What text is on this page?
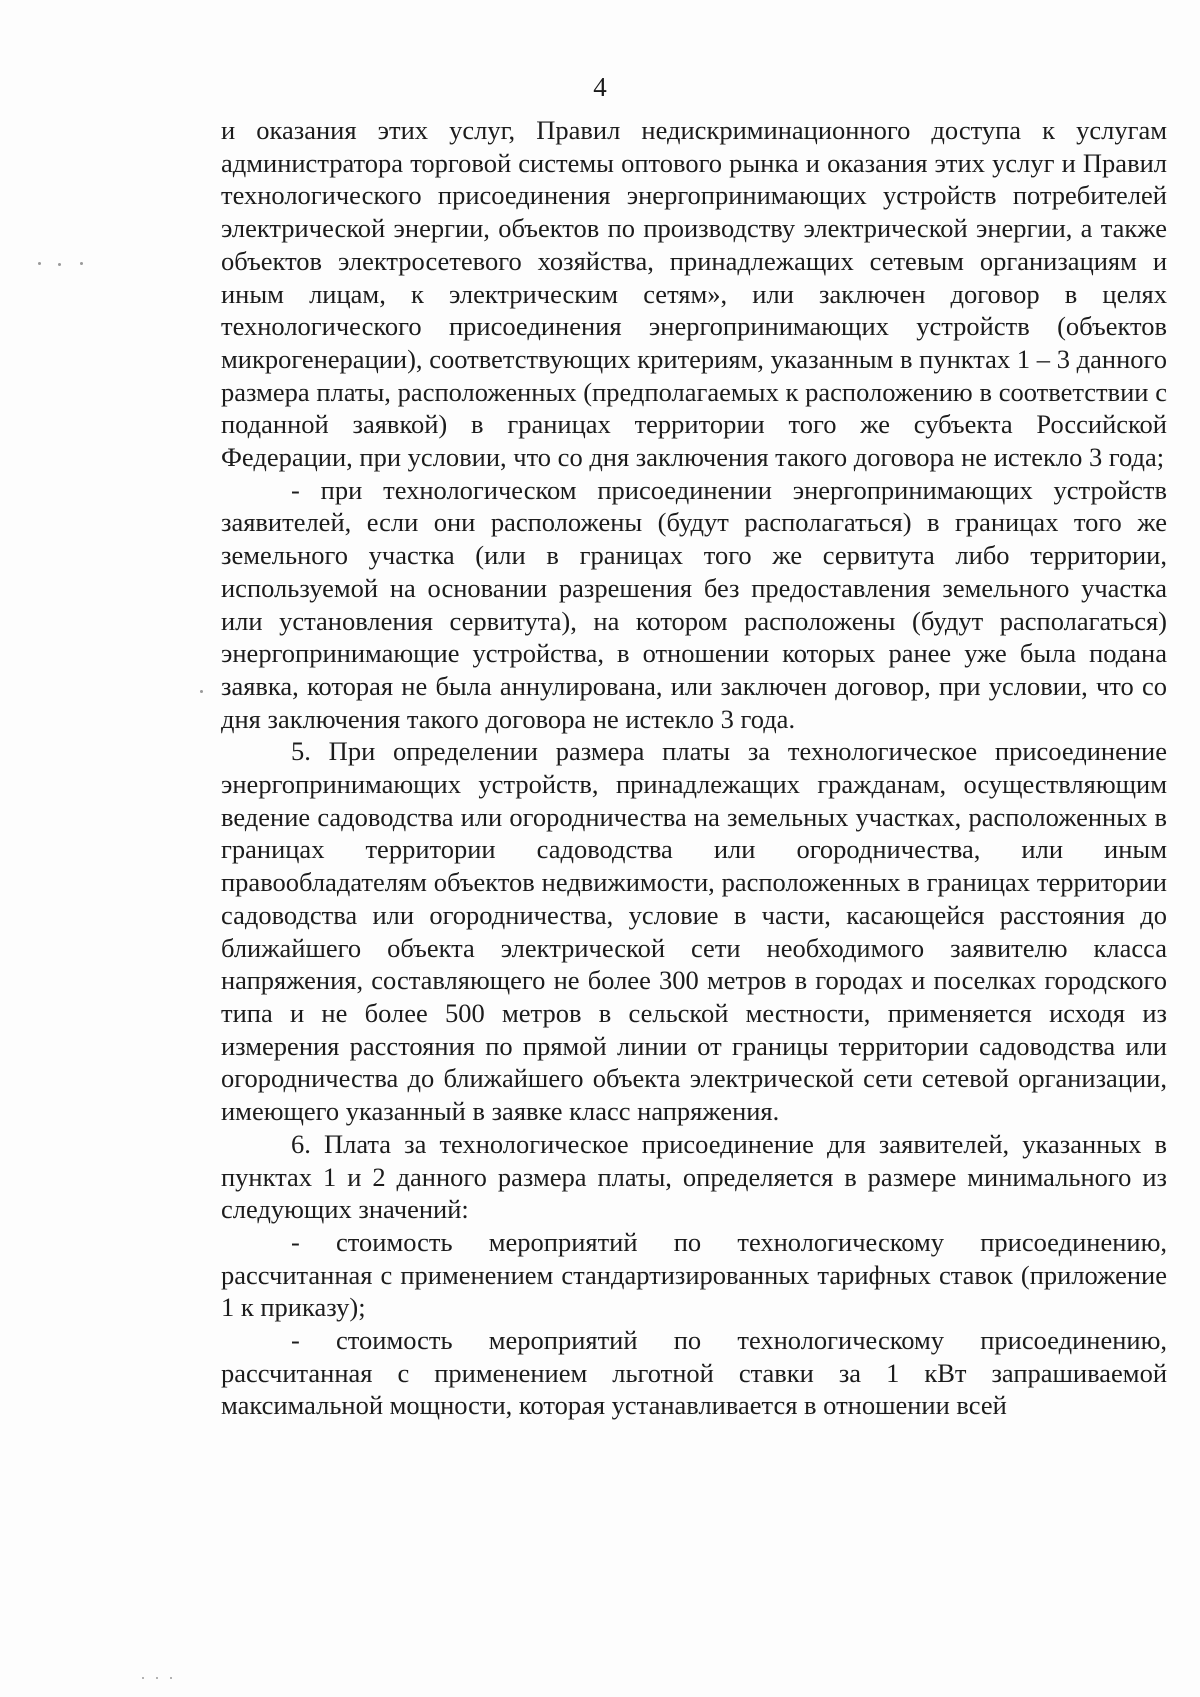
4

и оказания этих услуг, Правил недискриминационного доступа к услугам администратора торговой системы оптового рынка и оказания этих услуг и Правил технологического присоединения энергопринимающих устройств потребителей электрической энергии, объектов по производству электрической энергии, а также объектов электросетевого хозяйства, принадлежащих сетевым организациям и иным лицам, к электрическим сетям», или заключен договор в целях технологического присоединения энергопринимающих устройств (объектов микрогенерации), соответствующих критериям, указанным в пунктах 1 – 3 данного размера платы, расположенных (предполагаемых к расположению в соответствии с поданной заявкой) в границах территории того же субъекта Российской Федерации, при условии, что со дня заключения такого договора не истекло 3 года;

- при технологическом присоединении энергопринимающих устройств заявителей, если они расположены (будут располагаться) в границах того же земельного участка (или в границах того же сервитута либо территории, используемой на основании разрешения без предоставления земельного участка или установления сервитута), на котором расположены (будут располагаться) энергопринимающие устройства, в отношении которых ранее уже была подана заявка, которая не была аннулирована, или заключен договор, при условии, что со дня заключения такого договора не истекло 3 года.

5. При определении размера платы за технологическое присоединение энергопринимающих устройств, принадлежащих гражданам, осуществляющим ведение садоводства или огородничества на земельных участках, расположенных в границах территории садоводства или огородничества, или иным правообладателям объектов недвижимости, расположенных в границах территории садоводства или огородничества, условие в части, касающейся расстояния до ближайшего объекта электрической сети необходимого заявителю класса напряжения, составляющего не более 300 метров в городах и поселках городского типа и не более 500 метров в сельской местности, применяется исходя из измерения расстояния по прямой линии от границы территории садоводства или огородничества до ближайшего объекта электрической сети сетевой организации, имеющего указанный в заявке класс напряжения.

6. Плата за технологическое присоединение для заявителей, указанных в пунктах 1 и 2 данного размера платы, определяется в размере минимального из следующих значений:

- стоимость мероприятий по технологическому присоединению, рассчитанная с применением стандартизированных тарифных ставок (приложение 1 к приказу);

- стоимость мероприятий по технологическому присоединению, рассчитанная с применением льготной ставки за 1 кВт запрашиваемой максимальной мощности, которая устанавливается в отношении всей
